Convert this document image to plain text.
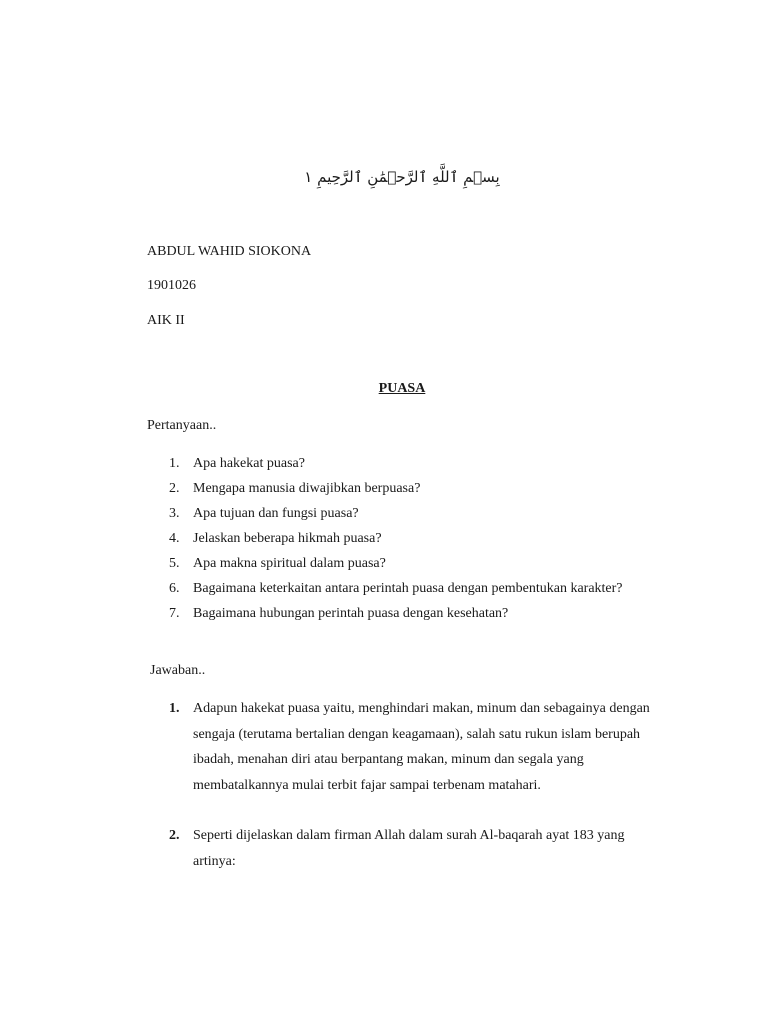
بِسۡمِ ٱللَّهِ ٱلرَّحۡمَٰنِ ٱلرَّحِيمِ ١
ABDUL WAHID SIOKONA
1901026
AIK II
PUASA
Pertanyaan..
1. Apa hakekat puasa?
2. Mengapa manusia diwajibkan berpuasa?
3. Apa tujuan dan fungsi puasa?
4. Jelaskan beberapa hikmah puasa?
5. Apa makna spiritual dalam puasa?
6. Bagaimana keterkaitan antara perintah puasa dengan pembentukan karakter?
7. Bagaimana hubungan perintah puasa dengan kesehatan?
Jawaban..
1. Adapun hakekat puasa yaitu, menghindari makan, minum dan sebagainya dengan sengaja (terutama bertalian dengan keagamaan), salah satu rukun islam berupah ibadah, menahan diri atau berpantang makan, minum dan segala yang membatalkannya mulai terbit fajar sampai terbenam matahari.
2. Seperti dijelaskan dalam firman Allah dalam surah Al-baqarah ayat 183 yang artinya:
